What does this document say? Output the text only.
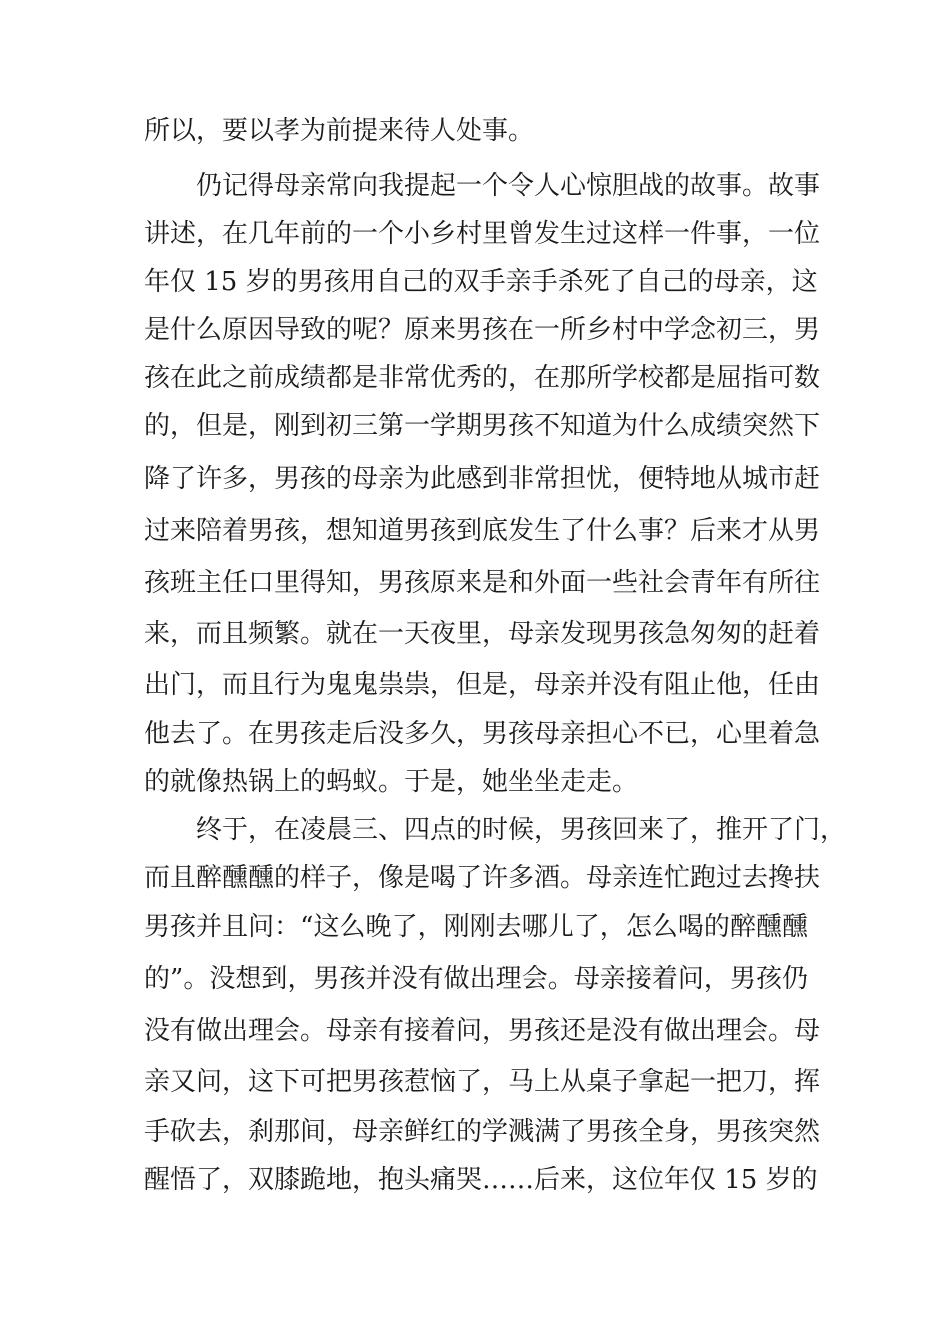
所以，要以孝为前提来待人处事。
　　仍记得母亲常向我提起一个令人心惊胆战的故事。故事
讲述，在几年前的一个小乡村里曾发生过这样一件事，一位
年仅 15 岁的男孩用自己的双手亲手杀死了自己的母亲，这
是什么原因导致的呢？原来男孩在一所乡村中学念初三，男
孩在此之前成绩都是非常优秀的，在那所学校都是屈指可数
的，但是，刚到初三第一学期男孩不知道为什么成绩突然下
降了许多，男孩的母亲为此感到非常担忧，便特地从城市赶
过来陪着男孩，想知道男孩到底发生了什么事？后来才从男
孩班主任口里得知，男孩原来是和外面一些社会青年有所往
来，而且频繁。就在一天夜里，母亲发现男孩急匆匆的赶着
出门，而且行为鬼鬼祟祟，但是，母亲并没有阻止他，任由
他去了。在男孩走后没多久，男孩母亲担心不已，心里着急
的就像热锅上的蚂蚁。于是，她坐坐走走。
　　终于，在凌晨三、四点的时候，男孩回来了，推开了门，
而且醉醺醺的样子，像是喝了许多酒。母亲连忙跑过去搀扶
男孩并且问：“这么晚了，刚刚去哪儿了，怎么喝的醉醺醺
的”。没想到，男孩并没有做出理会。母亲接着问，男孩仍
没有做出理会。母亲有接着问，男孩还是没有做出理会。母
亲又问，这下可把男孩惹恼了，马上从桌子拿起一把刀，挥
手砍去，刹那间，母亲鲜红的学溅满了男孩全身，男孩突然
醒悟了，双膝跪地，抱头痛哭……后来，这位年仅 15 岁的
